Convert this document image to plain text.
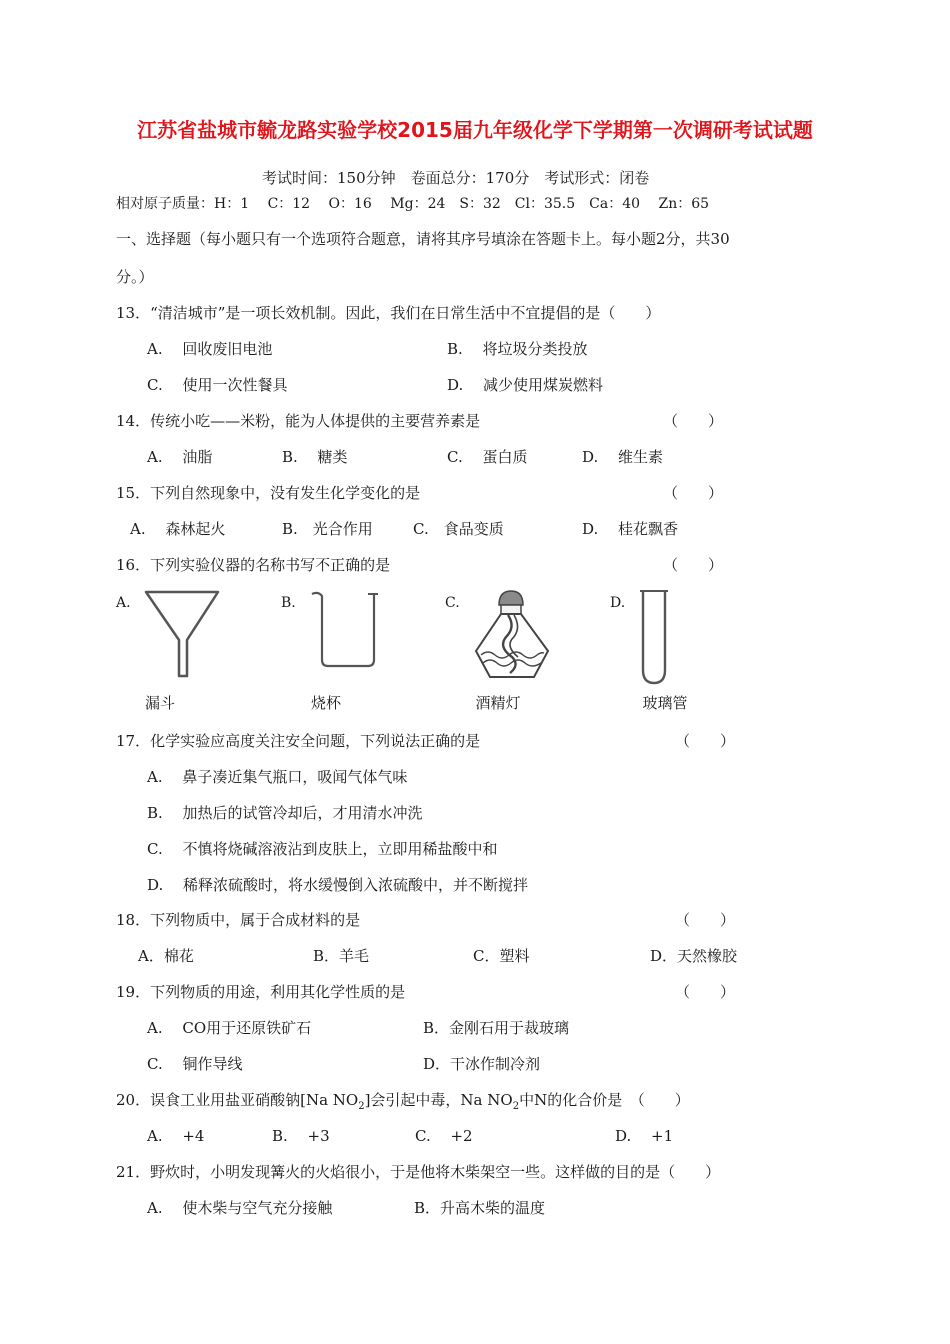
江苏省盐城市毓龙路实验学校2015届九年级化学下学期第一次调研考试试题
考试时间：150分钟　卷面总分：170分　考试形式：闭卷
相对原子质量：H：1　 C：12　 O：16　 Mg：24　S：32　Cl：35.5　Ca：40　 Zn：65
一、选择题（每小题只有一个选项符合题意，请将其序号填涂在答题卡上。每小题2分，共30
分。）
13．“清洁城市”是一项长效机制。因此，我们在日常生活中不宜提倡的是（　　）
A.　 回收废旧电池	B.　 将垃圾分类投放
C.　 使用一次性餐具	D.　 减少使用煤炭燃料
14．传统小吃——米粉，能为人体提供的主要营养素是	（　　）
A.　 油脂	B.　 糖类	C.　 蛋白质	D.　 维生素
15．下列自然现象中，没有发生化学变化的是	（　　）
A.　 森林起火	B.　光合作用	C.　食品变质	D.　 桂花飘香
16．下列实验仪器的名称书写不正确的是	（　　）
A.	B.	C.	D.
漏斗	烧杯	酒精灯	玻璃管
17．化学实验应高度关注安全问题，下列说法正确的是	（　　）
A.　 鼻子凑近集气瓶口，吸闻气体气味
B.　 加热后的试管冷却后，才用清水冲洗
C.　 不慎将烧碱溶液沾到皮肤上，立即用稀盐酸中和
D.　 稀释浓硫酸时，将水缓慢倒入浓硫酸中，并不断搅拌
18．下列物质中，属于合成材料的是	（　　）
A．棉花	B．羊毛	C．塑料	D．天然橡胶
19．下列物质的用途，利用其化学性质的是	（　　）
A.　 CO用于还原铁矿石	B．金刚石用于裁玻璃
C.　 铜作导线	D．干冰作制冷剂
20．误食工业用盐亚硝酸钠[Na $NO_2$]会引起中毒，Na $NO_2$中N的化合价是　（　　）
A.　 +4	B.　 +3	C.　 +2	D.　 +1
21．野炊时，小明发现篝火的火焰很小，于是他将木柴架空一些。这样做的目的是（　　）
A.　 使木柴与空气充分接触	B．升高木柴的温度
